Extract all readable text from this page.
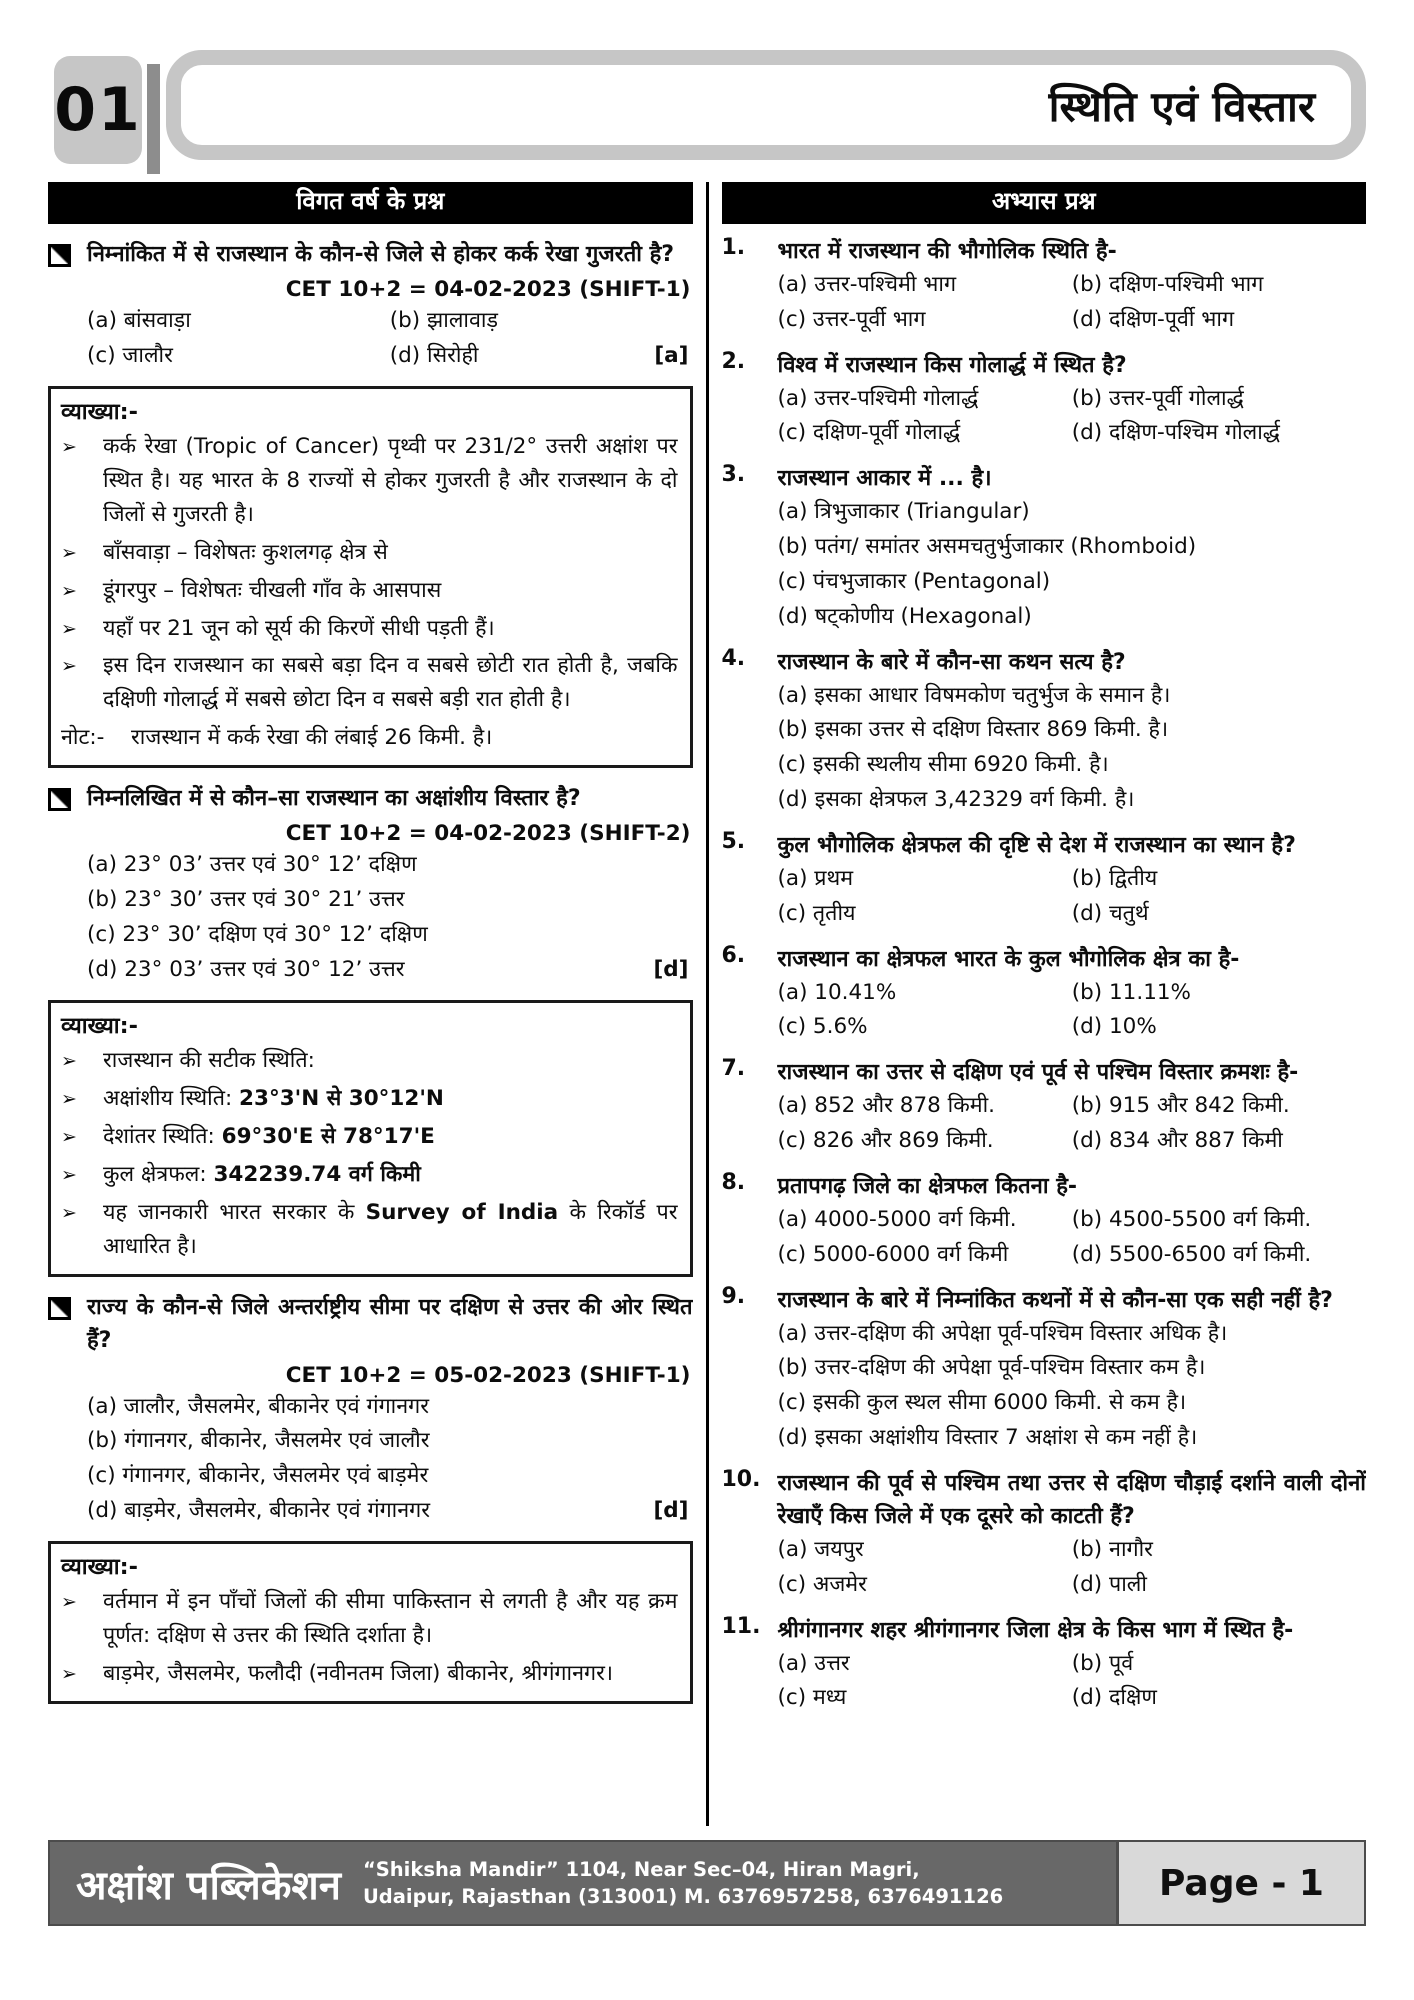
01	स्थिति एवं विस्तार
विगत वर्ष के प्रश्न
निम्नांकित में से राजस्थान के कौन-से जिले से होकर कर्क रेखा गुजरती है?
CET 10+2 = 04-02-2023 (SHIFT-1)
(a) बांसवाड़ा	(b) झालावाड़
(c) जालौर	(d) सिरोही	[a]
व्याख्या:-
➢	कर्क रेखा (Tropic of Cancer) पृथ्वी पर 231/2° उत्तरी अक्षांश पर स्थित है। यह भारत के 8 राज्यों से होकर गुजरती है और राजस्थान के दो जिलों से गुजरती है।
➢	बाँसवाड़ा – विशेषतः कुशलगढ़ क्षेत्र से
➢	डूंगरपुर – विशेषतः चीखली गाँव के आसपास
➢	यहाँ पर 21 जून को सूर्य की किरणें सीधी पड़ती हैं।
➢	इस दिन राजस्थान का सबसे बड़ा दिन व सबसे छोटी रात होती है, जबकि दक्षिणी गोलार्द्ध में सबसे छोटा दिन व सबसे बड़ी रात होती है।
नोट:-	राजस्थान में कर्क रेखा की लंबाई 26 किमी. है।
निम्नलिखित में से कौन–सा राजस्थान का अक्षांशीय विस्तार है?
CET 10+2 = 04-02-2023 (SHIFT-2)
(a) 23° 03’ उत्तर एवं 30° 12’ दक्षिण
(b) 23° 30’ उत्तर एवं 30° 21’ उत्तर
(c) 23° 30’ दक्षिण एवं 30° 12’ दक्षिण
(d) 23° 03’ उत्तर एवं 30° 12’ उत्तर	[d]
व्याख्या:-
➢	राजस्थान की सटीक स्थिति:
➢	अक्षांशीय स्थिति: 23°3'N से 30°12'N
➢	देशांतर स्थिति: 69°30'E से 78°17'E
➢	कुल क्षेत्रफल: 342239.74 वर्ग किमी
➢	यह जानकारी भारत सरकार के Survey of India के रिकॉर्ड पर आधारित है।
राज्य के कौन-से जिले अन्तर्राष्ट्रीय सीमा पर दक्षिण से उत्तर की ओर स्थित हैं?
CET 10+2 = 05-02-2023 (SHIFT-1)
(a) जालौर, जैसलमेर, बीकानेर एवं गंगानगर
(b) गंगानगर, बीकानेर, जैसलमेर एवं जालौर
(c) गंगानगर, बीकानेर, जैसलमेर एवं बाड़मेर
(d) बाड़मेर, जैसलमेर, बीकानेर एवं गंगानगर	[d]
व्याख्या:-
➢	वर्तमान में इन पाँचों जिलों की सीमा पाकिस्तान से लगती है और यह क्रम पूर्णत: दक्षिण से उत्तर की स्थिति दर्शाता है।
➢	बाड़मेर, जैसलमेर, फलौदी (नवीनतम जिला) बीकानेर, श्रीगंगानगर।
अभ्यास प्रश्न
1.	भारत में राजस्थान की भौगोलिक स्थिति है-
(a) उत्तर-पश्चिमी भाग	(b) दक्षिण-पश्चिमी भाग
(c) उत्तर-पूर्वी भाग	(d) दक्षिण-पूर्वी भाग
2.	विश्व में राजस्थान किस गोलार्द्ध में स्थित है?
(a) उत्तर-पश्चिमी गोलार्द्ध	(b) उत्तर-पूर्वी गोलार्द्ध
(c) दक्षिण-पूर्वी गोलार्द्ध	(d) दक्षिण-पश्चिम गोलार्द्ध
3.	राजस्थान आकार में ... है।
(a) त्रिभुजाकार (Triangular)
(b) पतंग/ समांतर असमचतुर्भुजाकार (Rhomboid)
(c) पंचभुजाकार (Pentagonal)
(d) षट्कोणीय (Hexagonal)
4.	राजस्थान के बारे में कौन-सा कथन सत्य है?
(a) इसका आधार विषमकोण चतुर्भुज के समान है।
(b) इसका उत्तर से दक्षिण विस्तार 869 किमी. है।
(c) इसकी स्थलीय सीमा 6920 किमी. है।
(d) इसका क्षेत्रफल 3,42329 वर्ग किमी. है।
5.	कुल भौगोलिक क्षेत्रफल की दृष्टि से देश में राजस्थान का स्थान है?
(a) प्रथम	(b) द्वितीय
(c) तृतीय	(d) चतुर्थ
6.	राजस्थान का क्षेत्रफल भारत के कुल भौगोलिक क्षेत्र का है-
(a) 10.41%	(b) 11.11%
(c) 5.6%	(d) 10%
7.	राजस्थान का उत्तर से दक्षिण एवं पूर्व से पश्चिम विस्तार क्रमशः है-
(a) 852 और 878 किमी.	(b) 915 और 842 किमी.
(c) 826 और 869 किमी.	(d) 834 और 887 किमी
8.	प्रतापगढ़ जिले का क्षेत्रफल कितना है-
(a) 4000-5000 वर्ग किमी.	(b) 4500-5500 वर्ग किमी.
(c) 5000-6000 वर्ग किमी	(d) 5500-6500 वर्ग किमी.
9.	राजस्थान के बारे में निम्नांकित कथनों में से कौन-सा एक सही नहीं है?
(a) उत्तर-दक्षिण की अपेक्षा पूर्व-पश्चिम विस्तार अधिक है।
(b) उत्तर-दक्षिण की अपेक्षा पूर्व-पश्चिम विस्तार कम है।
(c) इसकी कुल स्थल सीमा 6000 किमी. से कम है।
(d) इसका अक्षांशीय विस्तार 7 अक्षांश से कम नहीं है।
10. राजस्थान की पूर्व से पश्चिम तथा उत्तर से दक्षिण चौड़ाई दर्शाने वाली दोनों रेखाएँ किस जिले में एक दूसरे को काटती हैं?
(a) जयपुर	(b) नागौर
(c) अजमेर	(d) पाली
11. श्रीगंगानगर शहर श्रीगंगानगर जिला क्षेत्र के किस भाग में स्थित है-
(a) उत्तर	(b) पूर्व
(c) मध्य	(d) दक्षिण
अक्षांश पब्लिकेशन	“Shiksha Mandir” 1104, Near Sec–04, Hiran Magri,
Udaipur, Rajasthan (313001) M. 6376957258, 6376491126	Page - 1
